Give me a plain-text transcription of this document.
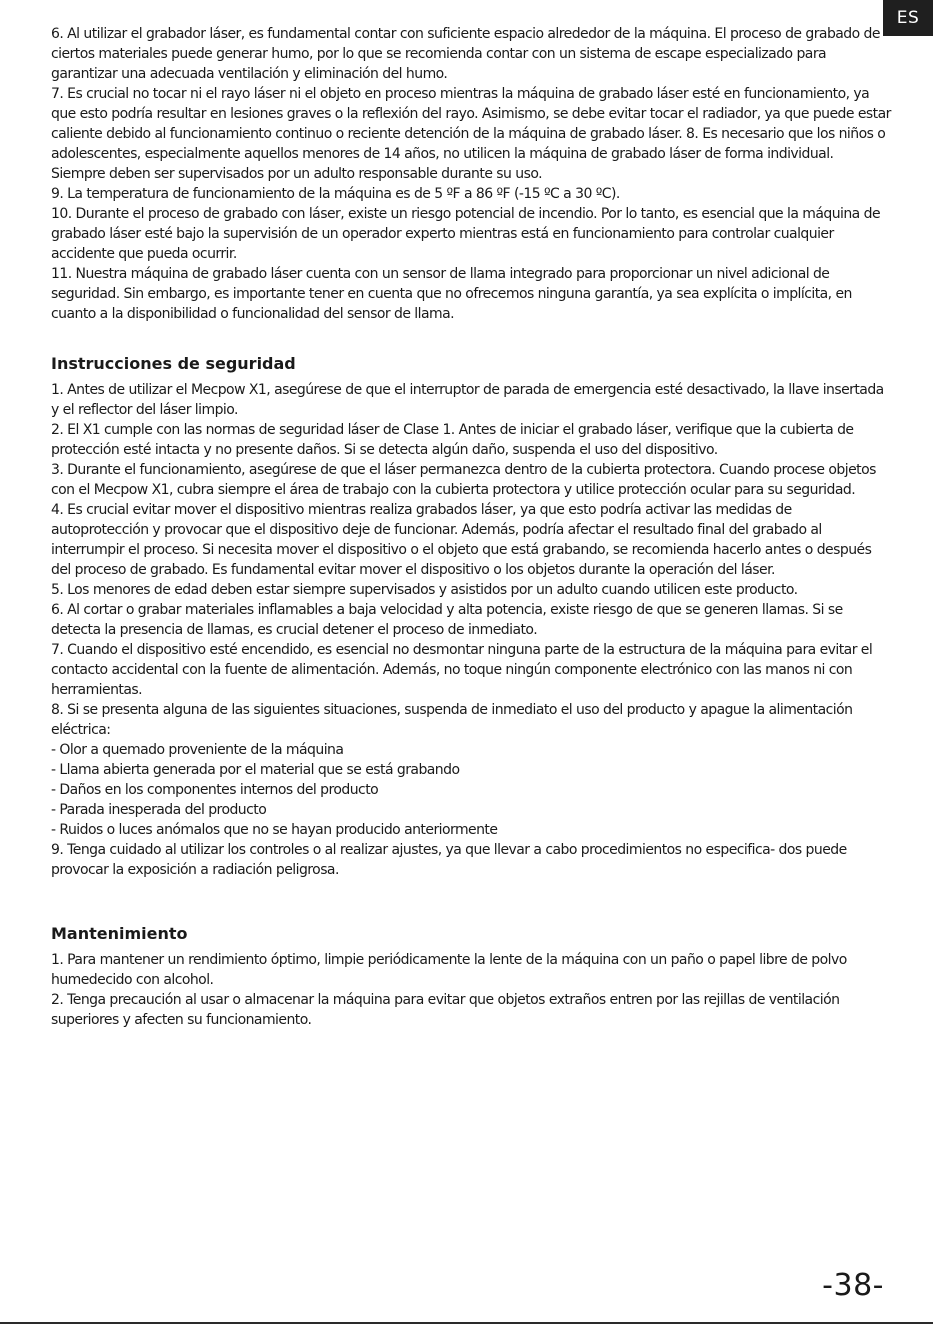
ES

6. Al utilizar el grabador láser, es fundamental contar con suficiente espacio alrededor de la máquina. El proceso de grabado de ciertos materiales puede generar humo, por lo que se recomienda contar con un sistema de escape especializado para garantizar una adecuada ventilación y eliminación del humo.

7. Es crucial no tocar ni el rayo láser ni el objeto en proceso mientras la máquina de grabado láser esté en funcionamiento, ya que esto podría resultar en lesiones graves o la reflexión del rayo. Asimismo, se debe evitar tocar el radiador, ya que puede estar caliente debido al funcionamiento continuo o reciente detención de la máquina de grabado láser. 8. Es necesario que los niños o adolescentes, especialmente aquellos menores de 14 años, no utilicen la máquina de grabado láser de forma individual. Siempre deben ser supervisados por un adulto responsable durante su uso.

9. La temperatura de funcionamiento de la máquina es de 5 ºF a 86 ºF (-15 ºC a 30 ºC).

10. Durante el proceso de grabado con láser, existe un riesgo potencial de incendio. Por lo tanto, es esencial que la máquina de grabado láser esté bajo la supervisión de un operador experto mientras está en funcionamiento para controlar cualquier accidente que pueda ocurrir.

11. Nuestra máquina de grabado láser cuenta con un sensor de llama integrado para proporcionar un nivel adicional de seguridad. Sin embargo, es importante tener en cuenta que no ofrecemos ninguna garantía, ya sea explícita o implícita, en cuanto a la disponibilidad o funcionalidad del sensor de llama.

Instrucciones de seguridad

1. Antes de utilizar el Mecpow X1, asegúrese de que el interruptor de parada de emergencia esté desactivado, la llave insertada y el reflector del láser limpio.

2. El X1 cumple con las normas de seguridad láser de Clase 1. Antes de iniciar el grabado láser, verifique que la cubierta de protección esté intacta y no presente daños. Si se detecta algún daño, suspenda el uso del dispositivo.

3. Durante el funcionamiento, asegúrese de que el láser permanezca dentro de la cubierta protectora. Cuando procese objetos con el Mecpow X1, cubra siempre el área de trabajo con la cubierta protectora y utilice protección ocular para su seguridad.

4. Es crucial evitar mover el dispositivo mientras realiza grabados láser, ya que esto podría activar las medidas de autoprotección y provocar que el dispositivo deje de funcionar. Además, podría afectar el resultado final del grabado al interrumpir el proceso. Si necesita mover el dispositivo o el objeto que está grabando, se recomienda hacerlo antes o después del proceso de grabado. Es fundamental evitar mover el dispositivo o los objetos durante la operación del láser.

5. Los menores de edad deben estar siempre supervisados y asistidos por un adulto cuando utilicen este producto.

6. Al cortar o grabar materiales inflamables a baja velocidad y alta potencia, existe riesgo de que se generen llamas. Si se detecta la presencia de llamas, es crucial detener el proceso de inmediato.

7. Cuando el dispositivo esté encendido, es esencial no desmontar ninguna parte de la estructura de la máquina para evitar el contacto accidental con la fuente de alimentación. Además, no toque ningún componente electrónico con las manos ni con herramientas.

8. Si se presenta alguna de las siguientes situaciones, suspenda de inmediato el uso del producto y apague la alimentación eléctrica:

- Olor a quemado proveniente de la máquina

- Llama abierta generada por el material que se está grabando

- Daños en los componentes internos del producto

- Parada inesperada del producto

- Ruidos o luces anómalos que no se hayan producido anteriormente

9. Tenga cuidado al utilizar los controles o al realizar ajustes, ya que llevar a cabo procedimientos no especifica- dos puede provocar la exposición a radiación peligrosa.

Mantenimiento

1. Para mantener un rendimiento óptimo, limpie periódicamente la lente de la máquina con un paño o papel libre de polvo humedecido con alcohol.

2. Tenga precaución al usar o almacenar la máquina para evitar que objetos extraños entren por las rejillas de ventilación superiores y afecten su funcionamiento.

-38-
